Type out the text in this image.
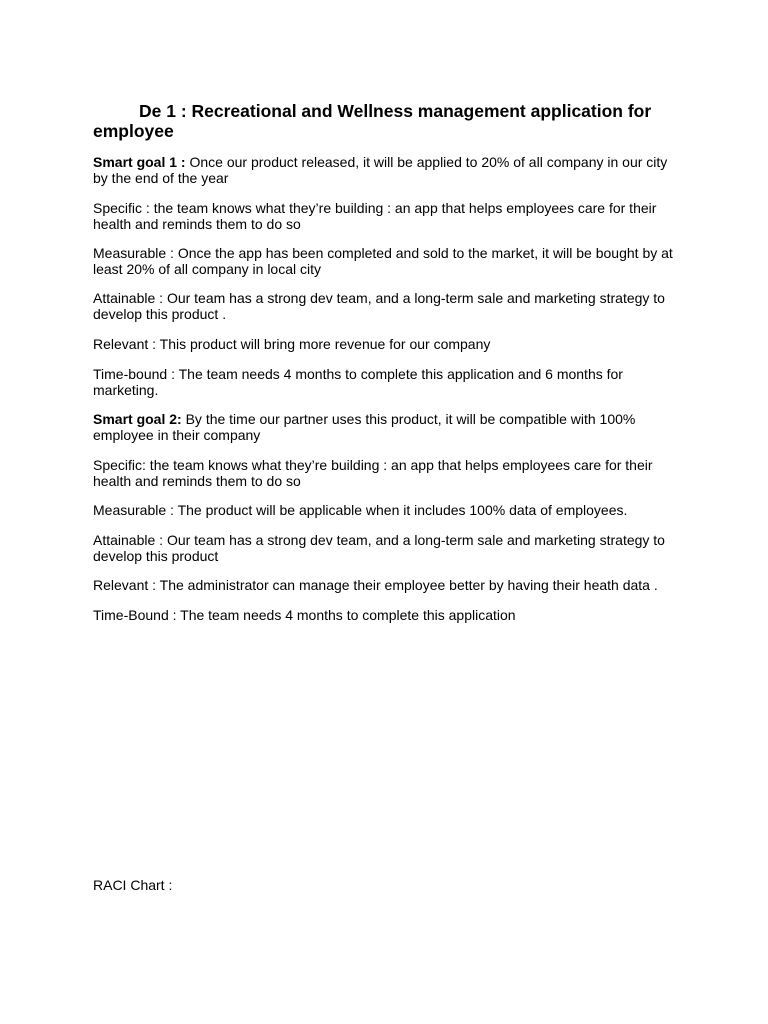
De 1 : Recreational and Wellness management application for employee

Smart goal 1 : Once our product released, it will be applied to 20% of all company in our city by the end of the year

Specific : the team knows what they’re building : an app that helps employees care for their health and reminds them to do so

Measurable : Once the app has been completed and sold to the market, it will be bought by at least 20% of all company in local city

Attainable : Our team has a strong dev team, and a long-term sale and marketing strategy to develop this product .

Relevant : This product will bring more revenue for our company

Time-bound : The team needs 4 months to complete this application and 6 months for marketing.

Smart goal 2: By the time our partner uses this product, it will be compatible with 100% employee in their company

Specific: the team knows what they’re building : an app that helps employees care for their health and reminds them to do so

Measurable : The product will be applicable when it includes 100% data of employees.

Attainable : Our team has a strong dev team, and a long-term sale and marketing strategy to develop this product

Relevant : The administrator can manage their employee better by having their heath data .

Time-Bound : The team needs 4 months to complete this application

RACI Chart :
